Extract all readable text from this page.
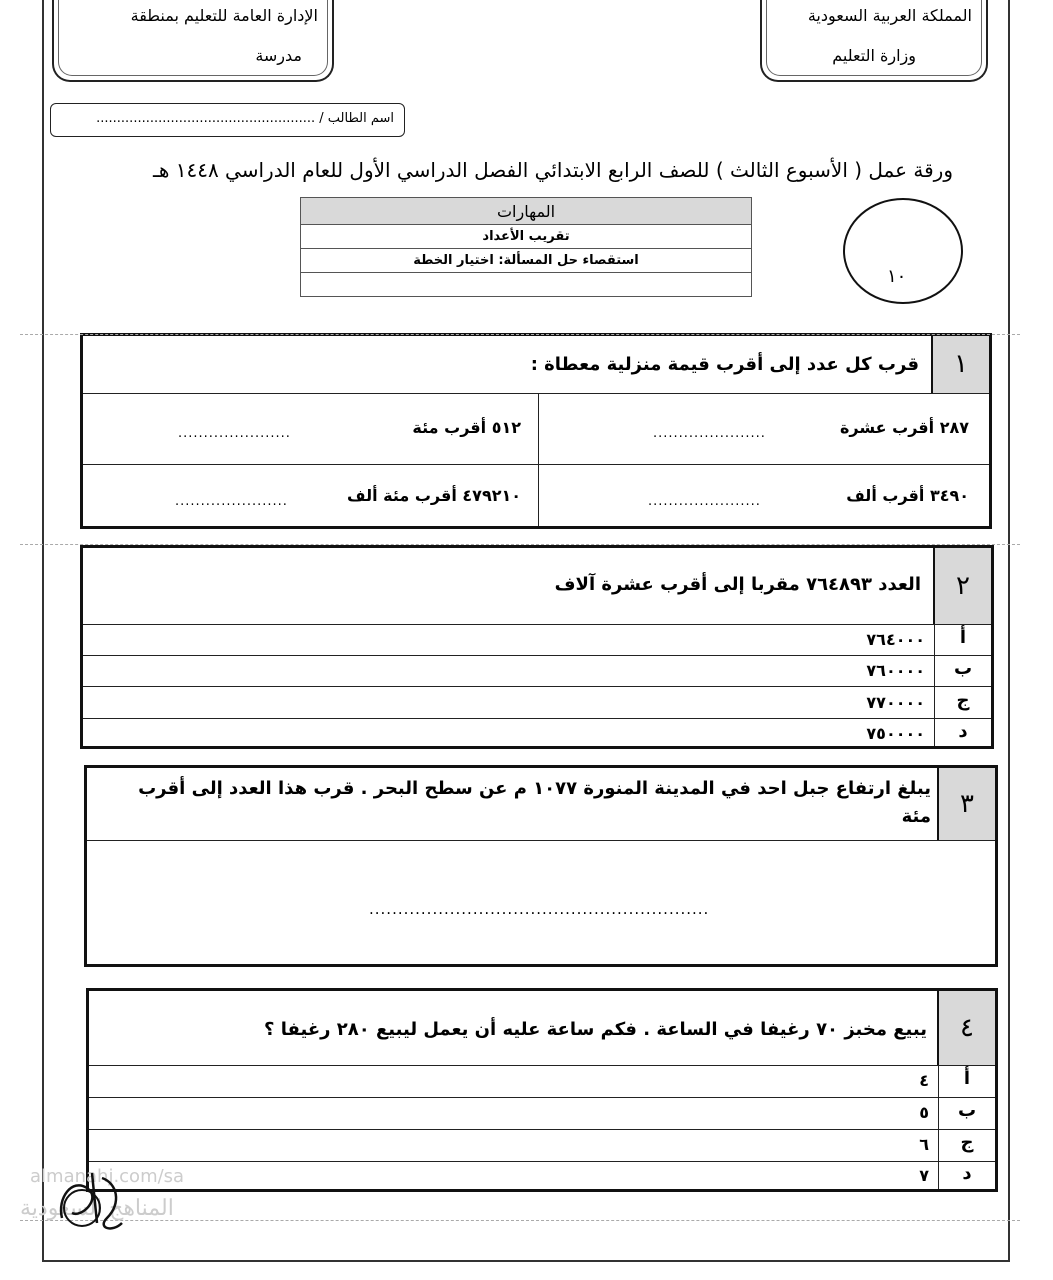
المملكة العربية السعودية
وزارة التعليم
الإدارة العامة للتعليم بمنطقة
مدرسة
اسم الطالب / .....................................................
ورقة عمل ( الأسبوع الثالث ) للصف الرابع الابتدائي الفصل الدراسي الأول للعام الدراسي ١٤٤٨ هـ
المهارات
تقريب الأعداد
استقصاء حل المسألة: اختيار الخطة

١٠
١
قرب كل عدد إلى أقرب قيمة منزلية معطاة :
٢٨٧ أقرب عشرة
......................
٥١٢ أقرب مئة
......................
٣٤٩٠ أقرب ألف
......................
٤٧٩٢١٠ أقرب مئة ألف
......................
٢
العدد ٧٦٤٨٩٣ مقربا إلى أقرب عشرة آلاف
أ
٧٦٤٠٠٠
ب
٧٦٠٠٠٠
ج
٧٧٠٠٠٠
د
٧٥٠٠٠٠
٣
يبلغ ارتفاع جبل احد في المدينة المنورة ١٠٧٧ م عن سطح البحر . قرب هذا العدد إلى أقرب
مئة
...........................................................
٤
يبيع مخبز ٧٠ رغيفا في الساعة . فكم ساعة عليه أن يعمل ليبيع ٢٨٠ رغيفا ؟
أ
٤
ب
٥
ج
٦
د
٧
almanahj.com/sa
المناهج السعودية
